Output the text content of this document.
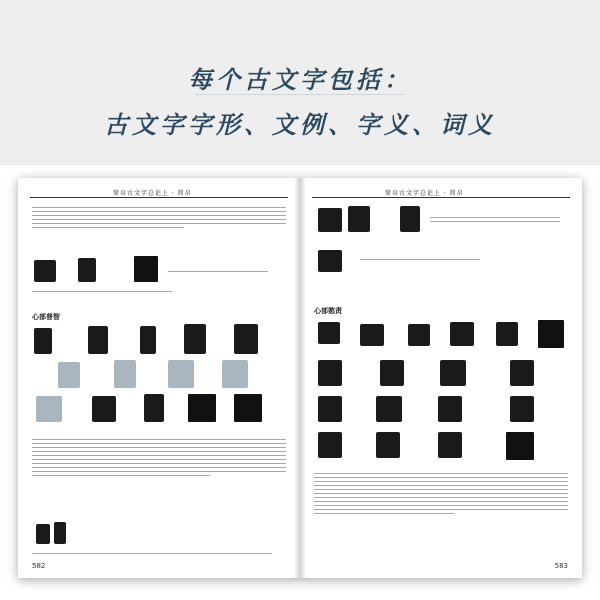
每个古文字包括：
古文字字形、文例、字义、词义
简帛古文字总论上 · 简帛
心部普智
582
简帛古文字总论上 · 简帛
心部愍责
583
